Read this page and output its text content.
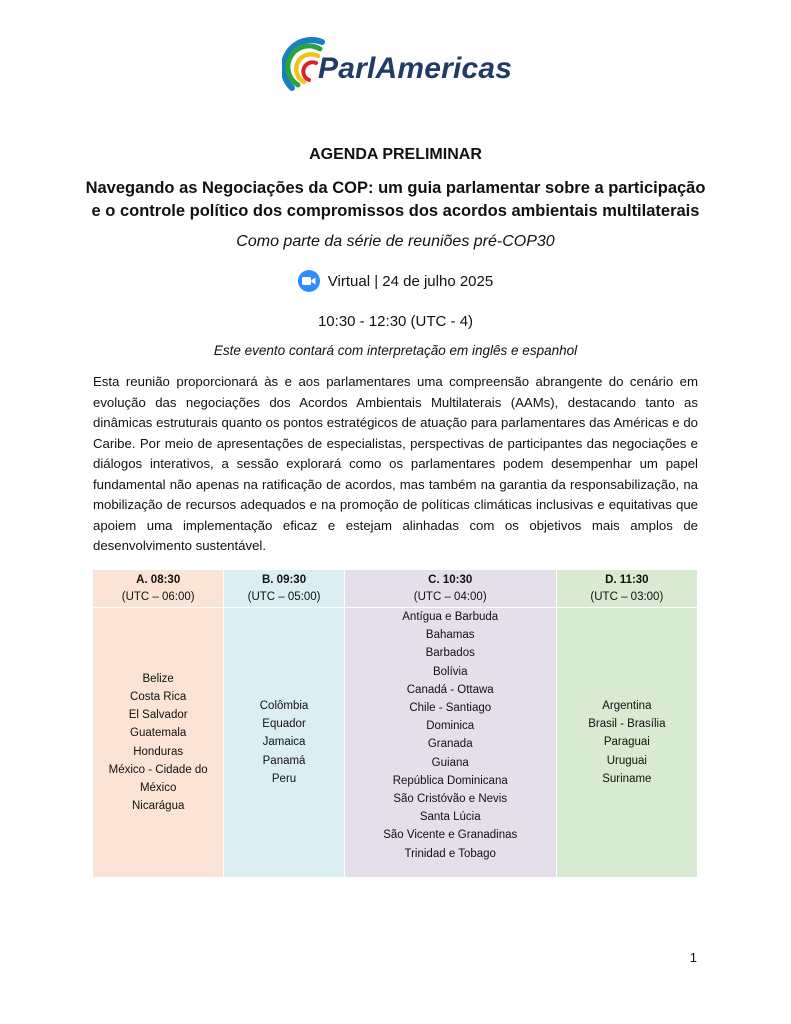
ParlAmericas
AGENDA PRELIMINAR
Navegando as Negociações da COP: um guia parlamentar sobre a participação e o controle político dos compromissos dos acordos ambientais multilaterais
Como parte da série de reuniões pré-COP30
Virtual | 24 de julho 2025
10:30 - 12:30 (UTC - 4)
Este evento contará com interpretação em inglês e espanhol
Esta reunião proporcionará às e aos parlamentares uma compreensão abrangente do cenário em evolução das negociações dos Acordos Ambientais Multilaterais (AAMs), destacando tanto as dinâmicas estruturais quanto os pontos estratégicos de atuação para parlamentares das Américas e do Caribe. Por meio de apresentações de especialistas, perspectivas de participantes das negociações e diálogos interativos, a sessão explorará como os parlamentares podem desempenhar um papel fundamental não apenas na ratificação de acordos, mas também na garantia da responsabilização, na mobilização de recursos adequados e na promoção de políticas climáticas inclusivas e equitativas que apoiem uma implementação eficaz e estejam alinhadas com os objetivos mais amplos de desenvolvimento sustentável.
A. 08:30
(UTC – 06:00)
Belize
Costa Rica
El Salvador
Guatemala
Honduras
México - Cidade do
México
Nicarágua
B. 09:30
(UTC – 05:00)
Colômbia
Equador
Jamaica
Panamá
Peru
C. 10:30
(UTC – 04:00)
Antígua e Barbuda
Bahamas
Barbados
Bolívia
Canadá - Ottawa
Chile - Santiago
Dominica
Granada
Guiana
República Dominicana
São Cristóvão e Nevis
Santa Lúcia
São Vicente e Granadinas
Trinidad e Tobago
D. 11:30
(UTC – 03:00)
Argentina
Brasil - Brasília
Paraguai
Uruguai
Suriname
1
